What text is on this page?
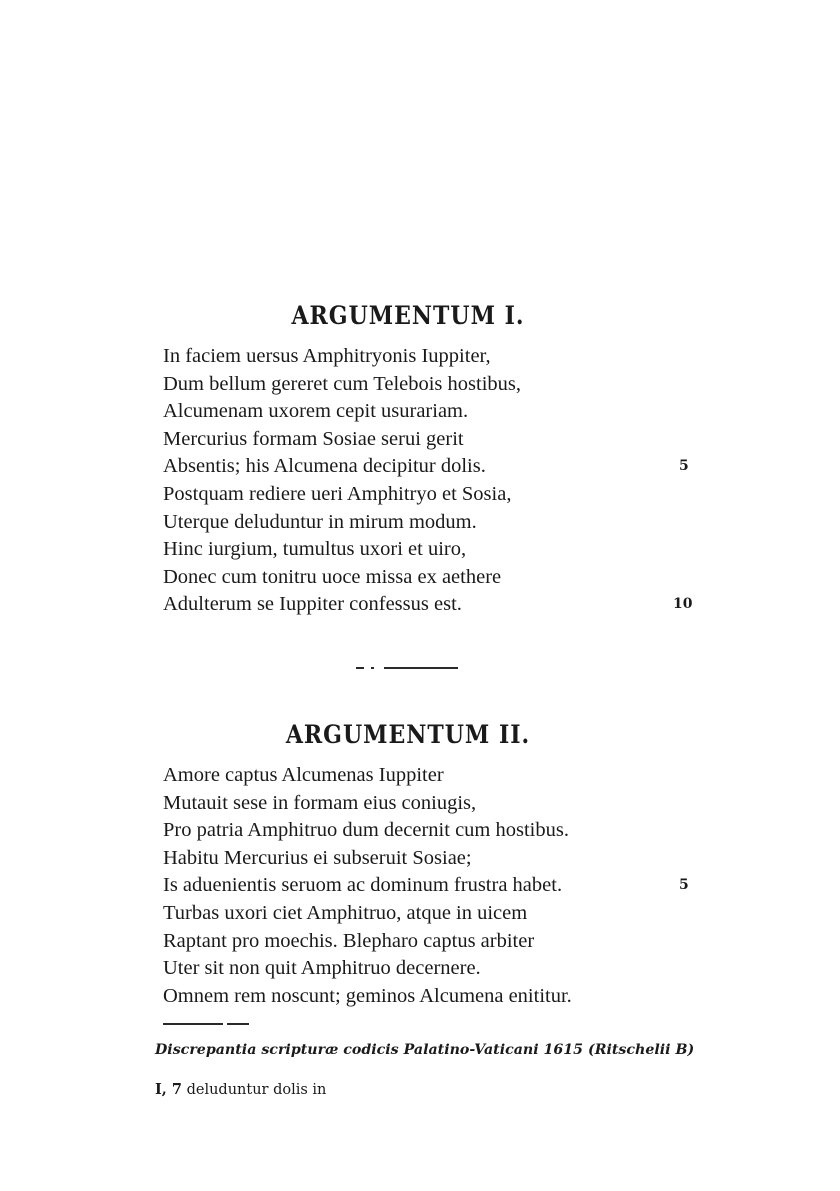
ARGUMENTUM I.
In faciem uersus Amphitryonis Iuppiter,
Dum bellum gereret cum Telebois hostibus,
Alcumenam uxorem cepit usurariam.
Mercurius formam Sosiae serui gerit
Absentis; his Alcumena decipitur dolis.	5
Postquam rediere ueri Amphitryo et Sosia,
Uterque deluduntur in mirum modum.
Hinc iurgium, tumultus uxori et uiro,
Donec cum tonitru uoce missa ex aethere
Adulterum se Iuppiter confessus est.	10
ARGUMENTUM II.
Amore captus Alcumenas Iuppiter
Mutauit sese in formam eius coniugis,
Pro patria Amphitruo dum decernit cum hostibus.
Habitu Mercurius ei subseruit Sosiae;
Is aduenientis seruom ac dominum frustra habet.	5
Turbas uxori ciet Amphitruo, atque in uicem
Raptant pro moechis. Blepharo captus arbiter
Uter sit non quit Amphitruo decernere.
Omnem rem noscunt; geminos Alcumena enititur.
Discrepantia scripturæ codicis Palatino-Vaticani 1615 (Ritschelii B)
I, 7 deluduntur dolis in
